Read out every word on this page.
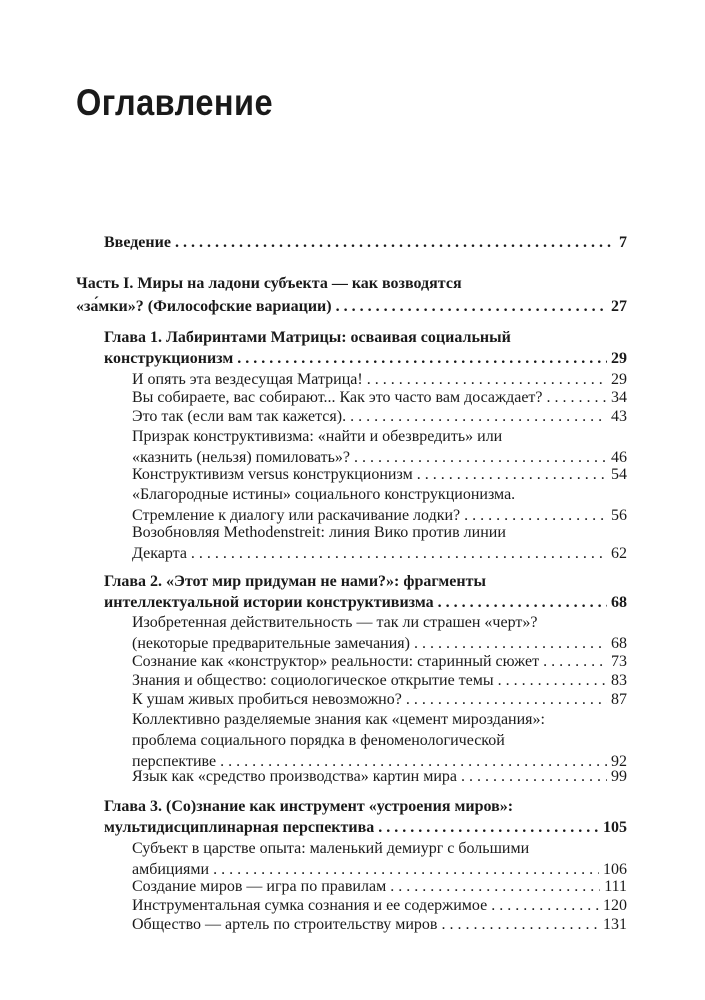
Оглавление
Введение . . .	7
Часть I. Миры на ладони субъекта — как возводятся
«за́мки»? (Философские вариации) . . .	27
Глава 1. Лабиринтами Матрицы: осваивая социальный
конструкционизм . . .	29
И опять эта вездесущая Матрица! . . .	29
Вы собираете, вас собирают... Как это часто вам досаждает? . . .	34
Это так (если вам так кажется). . . .	43
Призрак конструктивизма: «найти и обезвредить» или
«казнить (нельзя) помиловать»? . . .	46
Конструктивизм versus конструкционизм . . .	54
«Благородные истины» социального конструкционизма.
Стремление к диалогу или раскачивание лодки? . . .	56
Возобновляя Methodenstreit: линия Вико против линии
Декарта . . .	62
Глава 2. «Этот мир придуман не нами?»: фрагменты
интеллектуальной истории конструктивизма . . .	68
Изобретенная действительность — так ли страшен «черт»?
(некоторые предварительные замечания) . . .	68
Сознание как «конструктор» реальности: старинный сюжет . . .	73
Знания и общество: социологическое открытие темы . . .	83
К ушам живых пробиться невозможно? . . .	87
Коллективно разделяемые знания как «цемент мироздания»:
проблема социального порядка в феноменологической
перспективе . . .	92
Язык как «средство производства» картин мира . . .	99
Глава 3. (Со)знание как инструмент «устроения миров»:
мультидисциплинарная перспектива . . .	105
Субъект в царстве опыта: маленький демиург с большими
амбициями . . .	106
Создание миров — игра по правилам . . .	111
Инструментальная сумка сознания и ее содержимое . . .	120
Общество — артель по строительству миров . . .	131
